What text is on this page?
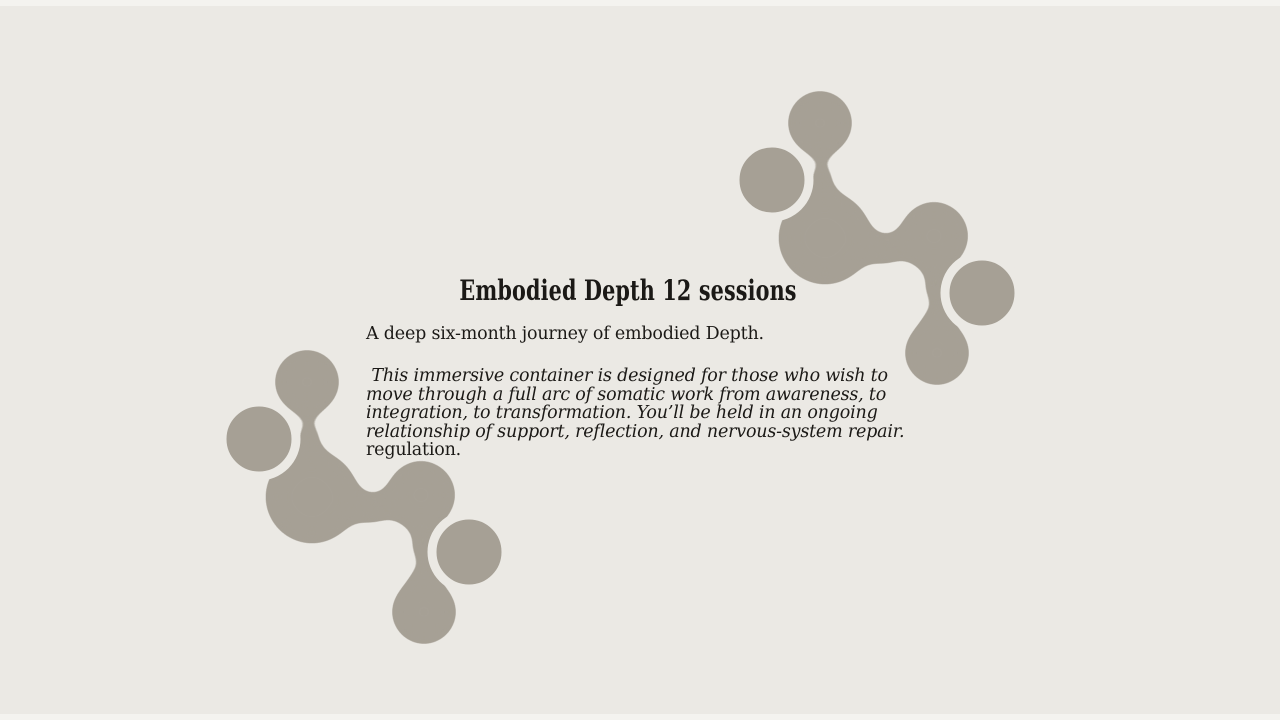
Embodied Depth 12 sessions
A deep six-month journey of embodied Depth.
This immersive container is designed for those who wish to
move through a full arc of somatic work from awareness, to
integration, to transformation. You’ll be held in an ongoing
relationship of support, reflection, and nervous-system repair.
regulation.
